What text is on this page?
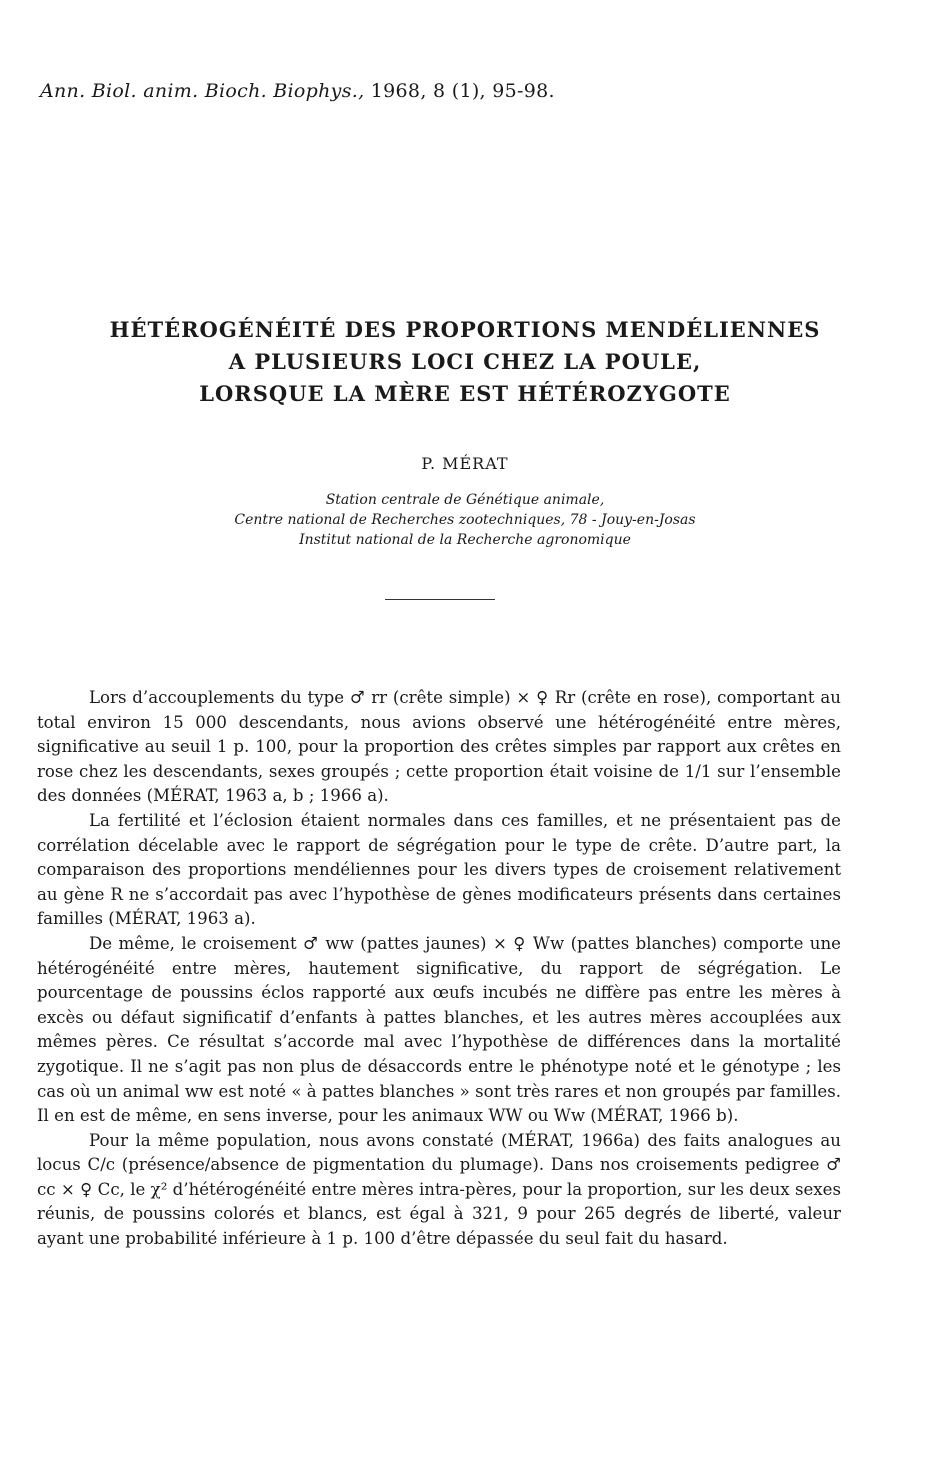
Ann. Biol. anim. Bioch. Biophys., 1968, 8 (1), 95-98.
HÉTÉROGÉNÉITÉ DES PROPORTIONS MENDÉLIENNES
A PLUSIEURS LOCI CHEZ LA POULE,
LORSQUE LA MÈRE EST HÉTÉROZYGOTE
P. MÉRAT
Station centrale de Génétique animale,
Centre national de Recherches zootechniques, 78 - Jouy-en-Josas
Institut national de la Recherche agronomique

Lors d’accouplements du type ♂ rr (crête simple) × ♀ Rr (crête en rose), comportant au total environ 15 000 descendants, nous avions observé une hétérogénéité entre mères, significative au seuil 1 p. 100, pour la proportion des crêtes simples par rapport aux crêtes en rose chez les descendants, sexes groupés ; cette proportion était voisine de 1/1 sur l’ensemble des données (MÉRAT, 1963 a, b ; 1966 a).

La fertilité et l’éclosion étaient normales dans ces familles, et ne présentaient pas de corrélation décelable avec le rapport de ségrégation pour le type de crête. D’autre part, la comparaison des proportions mendéliennes pour les divers types de croisement relativement au gène R ne s’accordait pas avec l’hypothèse de gènes modificateurs présents dans certaines familles (MÉRAT, 1963 a).

De même, le croisement ♂ ww (pattes jaunes) × ♀ Ww (pattes blanches) comporte une hétérogénéité entre mères, hautement significative, du rapport de ségrégation. Le pourcentage de poussins éclos rapporté aux œufs incubés ne diffère pas entre les mères à excès ou défaut significatif d’enfants à pattes blanches, et les autres mères accouplées aux mêmes pères. Ce résultat s’accorde mal avec l’hypothèse de différences dans la mortalité zygotique. Il ne s’agit pas non plus de désaccords entre le phénotype noté et le génotype ; les cas où un animal ww est noté « à pattes blanches » sont très rares et non groupés par familles. Il en est de même, en sens inverse, pour les animaux WW ou Ww (MÉRAT, 1966 b).

Pour la même population, nous avons constaté (MÉRAT, 1966a) des faits analogues au locus C/c (présence/absence de pigmentation du plumage). Dans nos croisements pedigree ♂ cc × ♀ Cc, le χ² d’hétérogénéité entre mères intra-pères, pour la proportion, sur les deux sexes réunis, de poussins colorés et blancs, est égal à 321, 9 pour 265 degrés de liberté, valeur ayant une probabilité inférieure à 1 p. 100 d’être dépassée du seul fait du hasard.
